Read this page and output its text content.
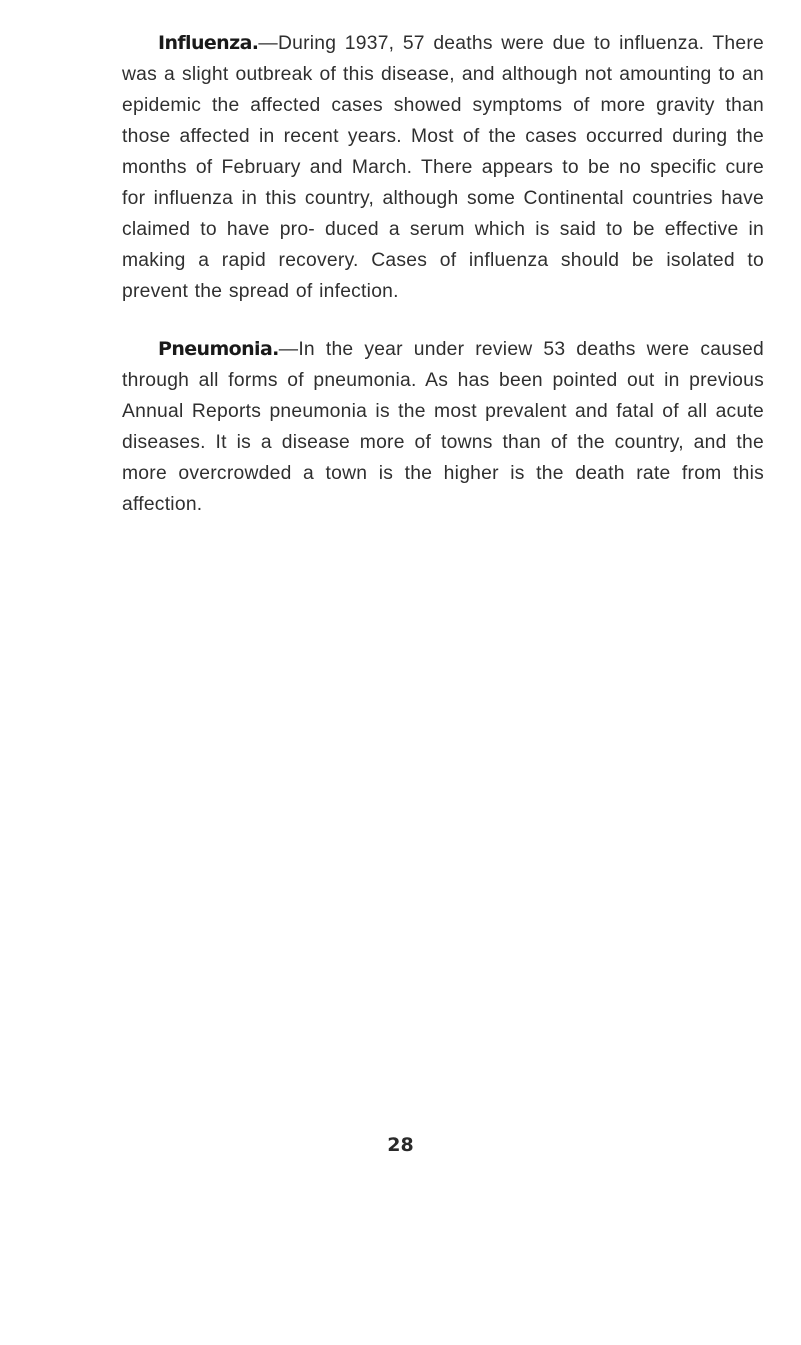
Influenza.—During 1937, 57 deaths were due to influenza. There was a slight outbreak of this disease, and although not amounting to an epidemic the affected cases showed symptoms of more gravity than those affected in recent years. Most of the cases occurred during the months of February and March. There appears to be no specific cure for influenza in this country, although some Continental countries have claimed to have pro- duced a serum which is said to be effective in making a rapid recovery. Cases of influenza should be isolated to prevent the spread of infection.

Pneumonia.—In the year under review 53 deaths were caused through all forms of pneumonia. As has been pointed out in previous Annual Reports pneumonia is the most prevalent and fatal of all acute diseases. It is a disease more of towns than of the country, and the more overcrowded a town is the higher is the death rate from this affection.

28
